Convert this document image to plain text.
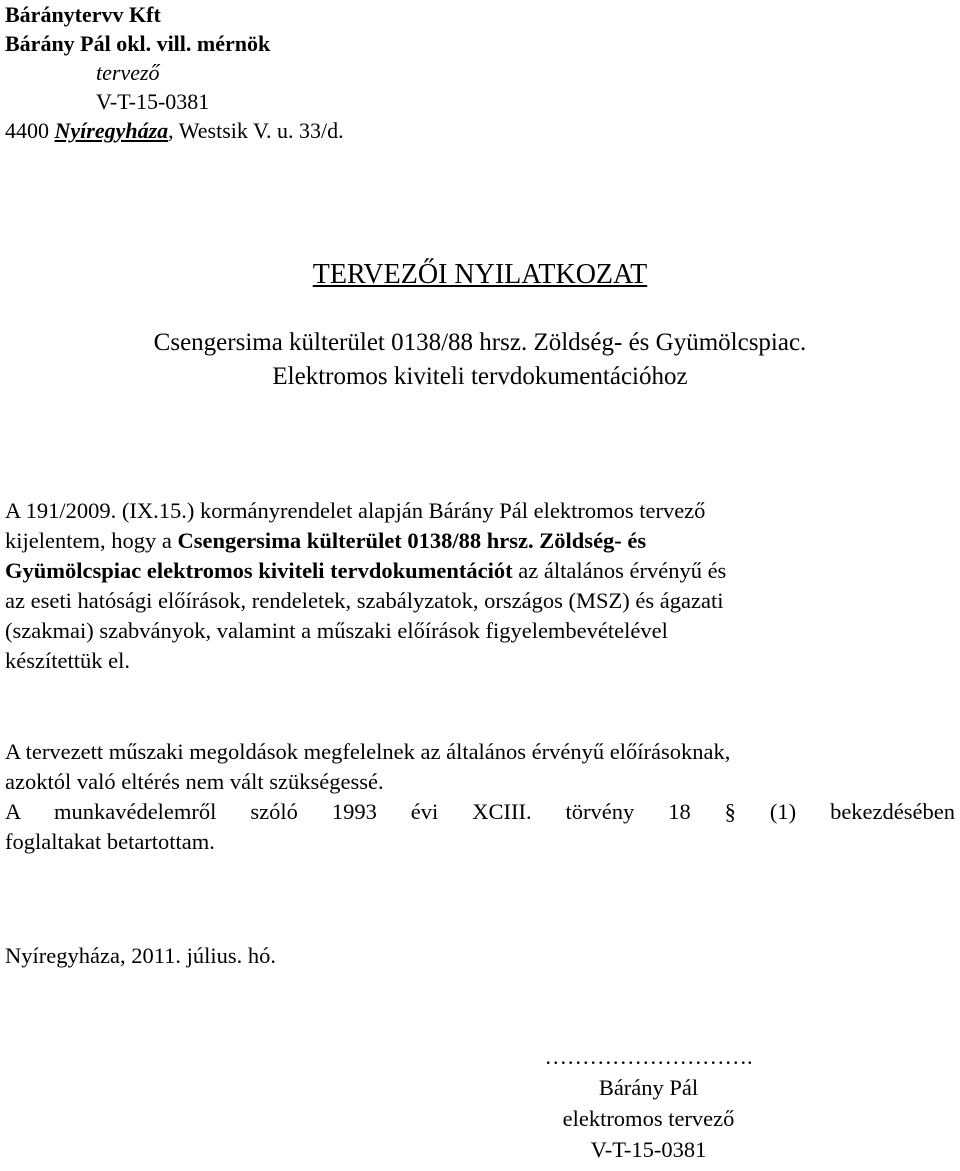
Báránytervv Kft
Bárány Pál okl. vill. mérnök
tervező
V-T-15-0381
4400 Nyíregyháza, Westsik V. u. 33/d.
TERVEZŐI NYILATKOZAT
Csengersima külterület 0138/88 hrsz. Zöldség- és Gyümölcspiac.
Elektromos kiviteli tervdokumentációhoz
A 191/2009. (IX.15.) kormányrendelet alapján Bárány Pál elektromos tervező
kijelentem, hogy a Csengersima külterület 0138/88 hrsz. Zöldség- és
Gyümölcspiac elektromos kiviteli tervdokumentációt az általános érvényű és
az eseti hatósági előírások, rendeletek, szabályzatok, országos (MSZ) és ágazati
(szakmai) szabványok, valamint a műszaki előírások figyelembevételével
készítettük el.
A tervezett műszaki megoldások megfelelnek az általános érvényű előírásoknak,
azoktól való eltérés nem vált szükségessé.
A munkavédelemről szóló 1993 évi XCIII. törvény 18 § (1) bekezdésében
foglaltakat betartottam.
Nyíregyháza, 2011. július. hó.
……………………….
Bárány Pál
elektromos tervező
V-T-15-0381
